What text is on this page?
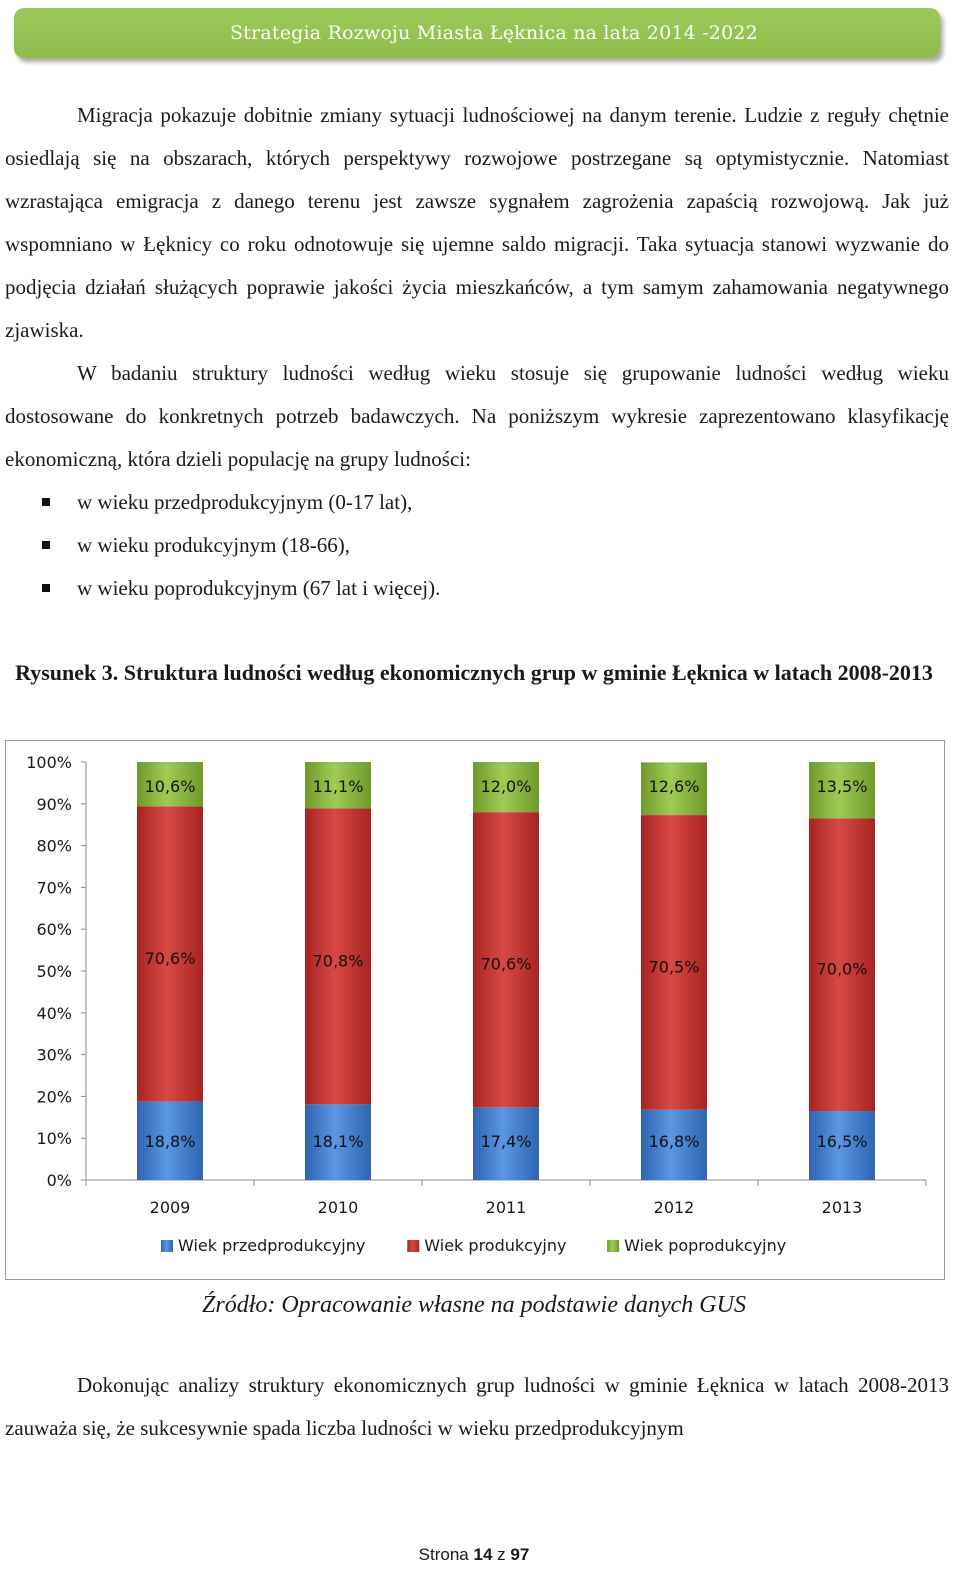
Strategia Rozwoju Miasta Łęknica na lata 2014 -2022

Migracja pokazuje dobitnie zmiany sytuacji ludnościowej na danym terenie. Ludzie z reguły chętnie osiedlają się na obszarach, których perspektywy rozwojowe postrzegane są optymistycznie. Natomiast wzrastająca emigracja z danego terenu jest zawsze sygnałem zagrożenia zapaścią rozwojową. Jak już wspomniano w Łęknicy co roku odnotowuje się ujemne saldo migracji. Taka sytuacja stanowi wyzwanie do podjęcia działań służących poprawie jakości życia mieszkańców, a tym samym zahamowania negatywnego zjawiska.

W badaniu struktury ludności według wieku stosuje się grupowanie ludności według wieku dostosowane do konkretnych potrzeb badawczych. Na poniższym wykresie zaprezentowano klasyfikację ekonomiczną, która dzieli populację na grupy ludności:

w wieku przedprodukcyjnym (0-17 lat),
w wieku produkcyjnym (18-66),
w wieku poprodukcyjnym (67 lat i więcej).

Rysunek 3. Struktura ludności według ekonomicznych grup w gminie Łęknica w latach 2008-2013

0%
10%
20%
30%
40%
50%
60%
70%
80%
90%
100%
2009	2010	2011	2012	2013
18,8%	18,1%	17,4%	16,8%	16,5%
70,6%	70,8%	70,6%	70,5%	70,0%
10,6%	11,1%	12,0%	12,6%	13,5%
Wiek przedprodukcyjny	Wiek produkcyjny	Wiek poprodukcyjny

Źródło: Opracowanie własne na podstawie danych GUS

Dokonując analizy struktury ekonomicznych grup ludności w gminie Łęknica w latach 2008-2013 zauważa się, że sukcesywnie spada liczba ludności w wieku przedprodukcyjnym

Strona 14 z 97
